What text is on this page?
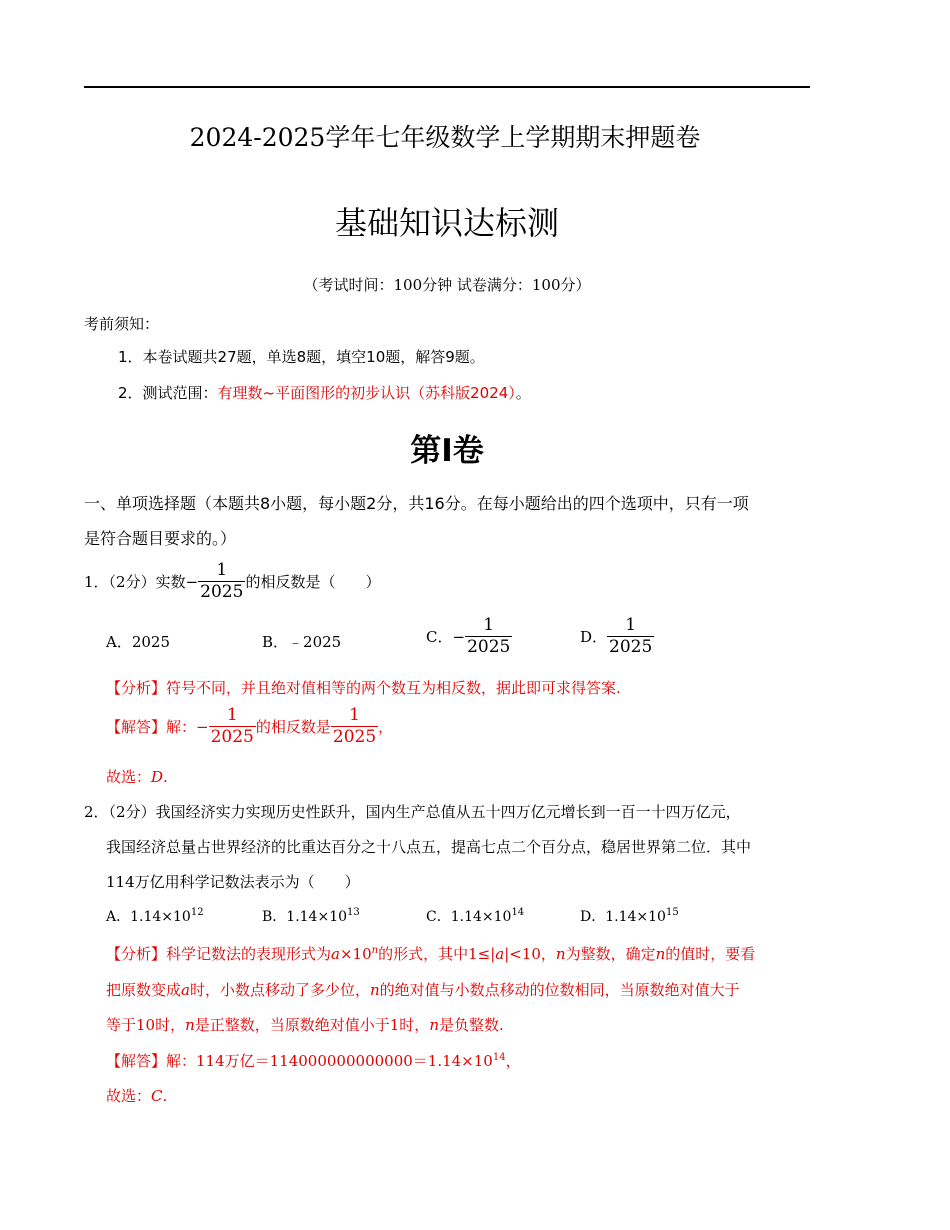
2024-2025学年七年级数学上学期期末押题卷
基础知识达标测
（考试时间：100分钟 试卷满分：100分）
考前须知：
1．本卷试题共27题，单选8题，填空10题，解答9题。
2．测试范围：有理数~平面图形的初步认识（苏科版2024）。
第Ⅰ卷
一、单项选择题（本题共8小题，每小题2分，共16分。在每小题给出的四个选项中，只有一项
是符合题目要求的。）
1．（2分）实数 − $\frac{1}{2025}$ 的相反数是（　　）
A．2025	B．﹣2025	C． − $\frac{1}{2025}$	D． $\frac{1}{2025}$
【分析】符号不同，并且绝对值相等的两个数互为相反数，据此即可求得答案.
【解答】解： − $\frac{1}{2025}$ 的相反数是 $\frac{1}{2025}$ ，
故选：D.
2．（2分）我国经济实力实现历史性跃升，国内生产总值从五十四万亿元增长到一百一十四万亿元，
我国经济总量占世界经济的比重达百分之十八点五，提高七点二个百分点，稳居世界第二位．其中
114万亿用科学记数法表示为（　　）
A．$1.14\times 10^{12}$	B．$1.14\times 10^{13}$	C．$1.14\times 10^{14}$	D．$1.14\times 10^{15}$
【分析】科学记数法的表现形式为$a\times 10^n$的形式，其中1≤|a|<10，n为整数，确定n的值时，要看
把原数变成a时，小数点移动了多少位，n的绝对值与小数点移动的位数相同，当原数绝对值大于
等于10时，n是正整数，当原数绝对值小于1时，n是负整数.
【解答】解：114万亿$=114000000000000=1.14\times 10^{14}$，
故选：C.
